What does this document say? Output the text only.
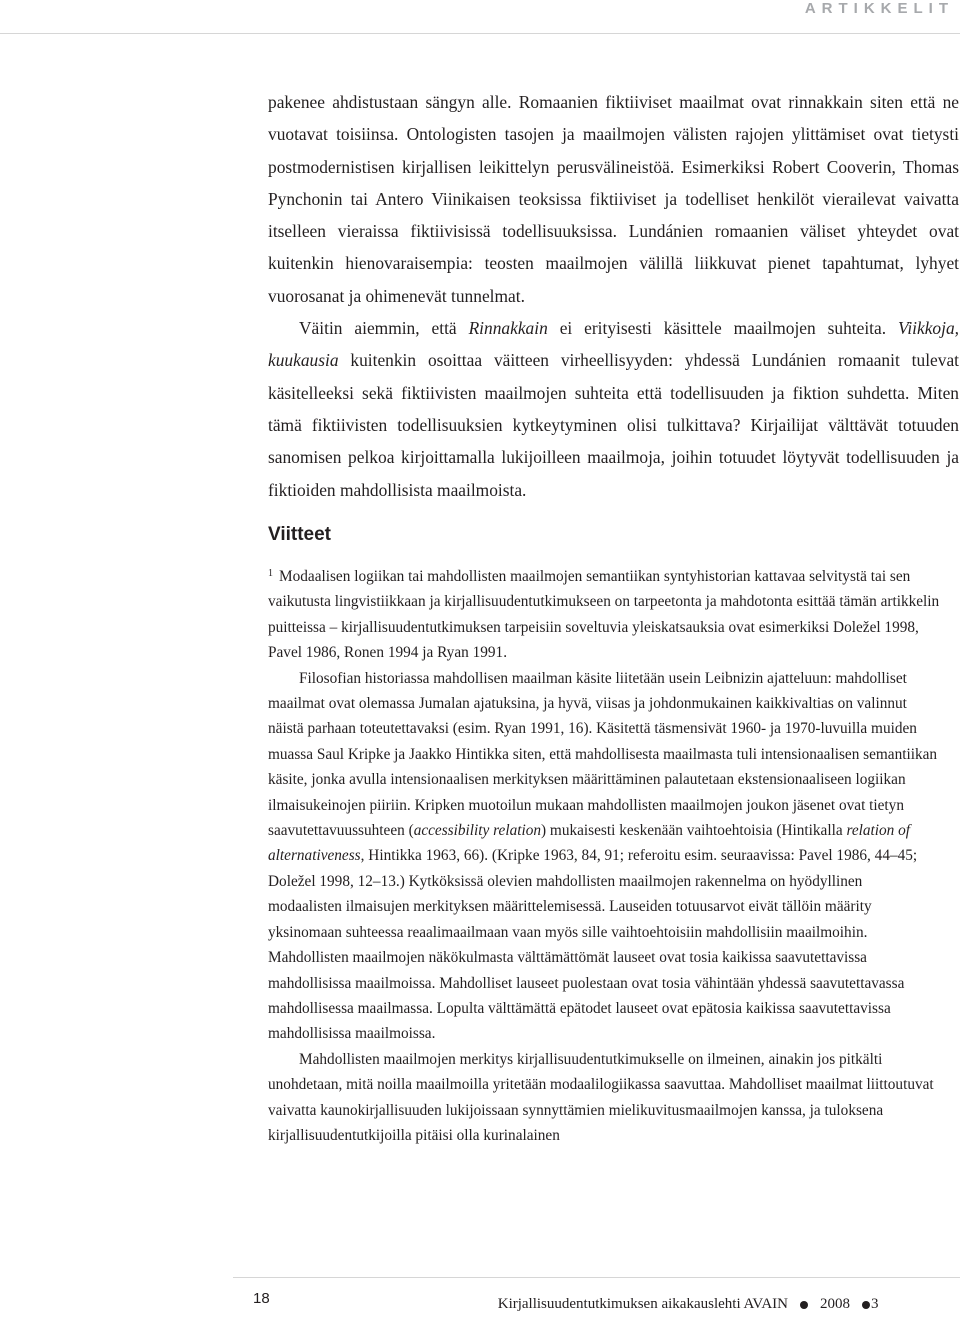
ARTIKKELIT

pakenee ahdistustaan sängyn alle. Romaanien fiktiiviset maailmat ovat rinnakkain siten että ne vuotavat toisiinsa. Ontologisten tasojen ja maailmojen välisten rajojen ylittämiset ovat tietysti postmodernistisen kirjallisen leikittelyn perusvälineistöä. Esimerkiksi Robert Cooverin, Thomas Pynchonin tai Antero Viinikaisen teoksissa fiktiiviset ja todelliset henkilöt vierailevat vaivatta itselleen vieraissa fiktiivisissä todellisuuksissa. Lundánien romaanien väliset yhteydet ovat kuitenkin hienovaraisempia: teosten maailmojen välillä liikkuvat pienet tapahtumat, lyhyet vuorosanat ja ohimenevät tunnelmat.

Väitin aiemmin, että Rinnakkain ei erityisesti käsittele maailmojen suhteita. Viikkoja, kuukausia kuitenkin osoittaa väitteen virheellisyyden: yhdessä Lundánien romaanit tulevat käsitelleeksi sekä fiktiivisten maailmojen suhteita että todellisuuden ja fiktion suhdetta. Miten tämä fiktiivisten todellisuuksien kytkeytyminen olisi tulkittava? Kirjailijat välttävät totuuden sanomisen pelkoa kirjoittamalla lukijoilleen maailmoja, joihin totuudet löytyvät todellisuuden ja fiktioiden mahdollisista maailmoista.

Viitteet

$^1$ Modaalisen logiikan tai mahdollisten maailmojen semantiikan syntyhistorian kattavaa selvitystä tai sen vaikutusta lingvistiikkaan ja kirjallisuudentutkimukseen on tarpeetonta ja mahdotonta esittää tämän artikkelin puitteissa – kirjallisuudentutkimuksen tarpeisiin soveltuvia yleiskatsauksia ovat esimerkiksi Doležel 1998, Pavel 1986, Ronen 1994 ja Ryan 1991.

Filosofian historiassa mahdollisen maailman käsite liitetään usein Leibnizin ajatteluun: mahdolliset maailmat ovat olemassa Jumalan ajatuksina, ja hyvä, viisas ja johdonmukainen kaikkivaltias on valinnut näistä parhaan toteutettavaksi (esim. Ryan 1991, 16). Käsitettä täsmensivät 1960- ja 1970-luvuilla muiden muassa Saul Kripke ja Jaakko Hintikka siten, että mahdollisesta maailmasta tuli intensionaalisen semantiikan käsite, jonka avulla intensionaalisen merkityksen määrittäminen palautetaan ekstensionaaliseen logiikan ilmaisukeinojen piiriin. Kripken muotoilun mukaan mahdollisten maailmojen joukon jäsenet ovat tietyn saavutettavuussuhteen (accessibility relation) mukaisesti keskenään vaihtoehtoisia (Hintikalla relation of alternativeness, Hintikka 1963, 66). (Kripke 1963, 84, 91; referoitu esim. seuraavissa: Pavel 1986, 44–45; Doležel 1998, 12–13.) Kytköksissä olevien mahdollisten maailmojen rakennelma on hyödyllinen modaalisten ilmaisujen merkityksen määrittelemisessä. Lauseiden totuusarvot eivät tällöin määrity yksinomaan suhteessa reaalimaailmaan vaan myös sille vaihtoehtoisiin mahdollisiin maailmoihin. Mahdollisten maailmojen näkökulmasta välttämättömät lauseet ovat tosia kaikissa saavutettavissa mahdollisissa maailmoissa. Mahdolliset lauseet puolestaan ovat tosia vähintään yhdessä saavutettavassa mahdollisessa maailmassa. Lopulta välttämättä epätodet lauseet ovat epätosia kaikissa saavutettavissa mahdollisissa maailmoissa.

Mahdollisten maailmojen merkitys kirjallisuudentutkimukselle on ilmeinen, ainakin jos pitkälti unohdetaan, mitä noilla maailmoilla yritetään modaalilogiikassa saavuttaa. Mahdolliset maailmat liittoutuvat vaivatta kaunokirjallisuuden lukijoissaan synnyttämien mielikuvitusmaailmojen kanssa, ja tuloksena kirjallisuudentutkijoilla pitäisi olla kurinalainen

18	Kirjallisuudentutkimuksen aikakauslehti AVAIN 2008 3
